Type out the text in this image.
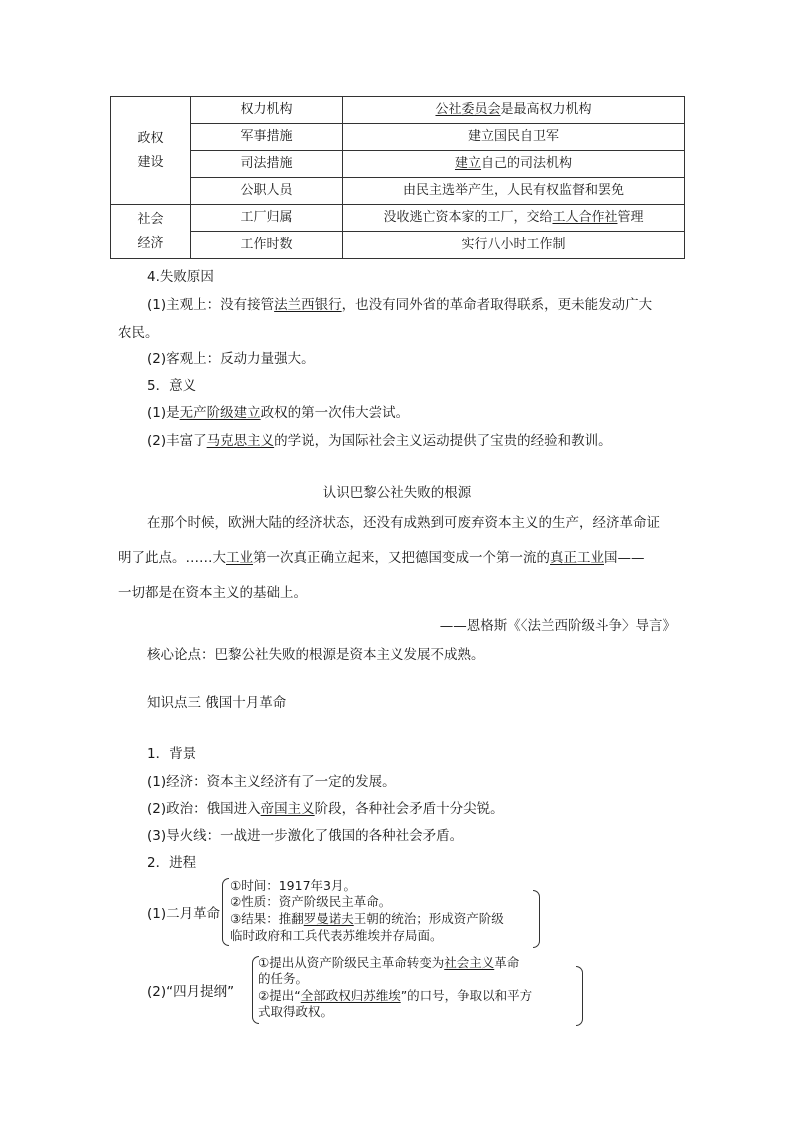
政权
建设	权力机构	公社委员会是最高权力机构
	军事措施	建立国民自卫军
	司法措施	建立自己的司法机构
	公职人员	由民主选举产生，人民有权监督和罢免

社会
经济	工厂归属	没收逃亡资本家的工厂，交给工人合作社管理
	工作时数	实行八小时工作制
4.失败原因
(1)主观上：没有接管法兰西银行，也没有同外省的革命者取得联系，更未能发动广大
农民。
(2)客观上：反动力量强大。
5．意义
(1)是无产阶级建立政权的第一次伟大尝试。
(2)丰富了马克思主义的学说，为国际社会主义运动提供了宝贵的经验和教训。
认识巴黎公社失败的根源
在那个时候，欧洲大陆的经济状态，还没有成熟到可废弃资本主义的生产，经济革命证
明了此点。……大工业第一次真正确立起来，又把德国变成一个第一流的真正工业国——
一切都是在资本主义的基础上。
——恩格斯《〈法兰西阶级斗争〉导言》
核心论点：巴黎公社失败的根源是资本主义发展不成熟。
知识点三 俄国十月革命
1．背景
(1)经济：资本主义经济有了一定的发展。
(2)政治：俄国进入帝国主义阶段，各种社会矛盾十分尖锐。
(3)导火线：一战进一步激化了俄国的各种社会矛盾。
2．进程
(1)二月革命
①时间：1917年3月。
②性质：资产阶级民主革命。
③结果：推翻罗曼诺夫王朝的统治；形成资产阶级
临时政府和工兵代表苏维埃并存局面。
(2)“四月提纲”
①提出从资产阶级民主革命转变为社会主义革命
的任务。
②提出“全部政权归苏维埃”的口号，争取以和平方
式取得政权。
